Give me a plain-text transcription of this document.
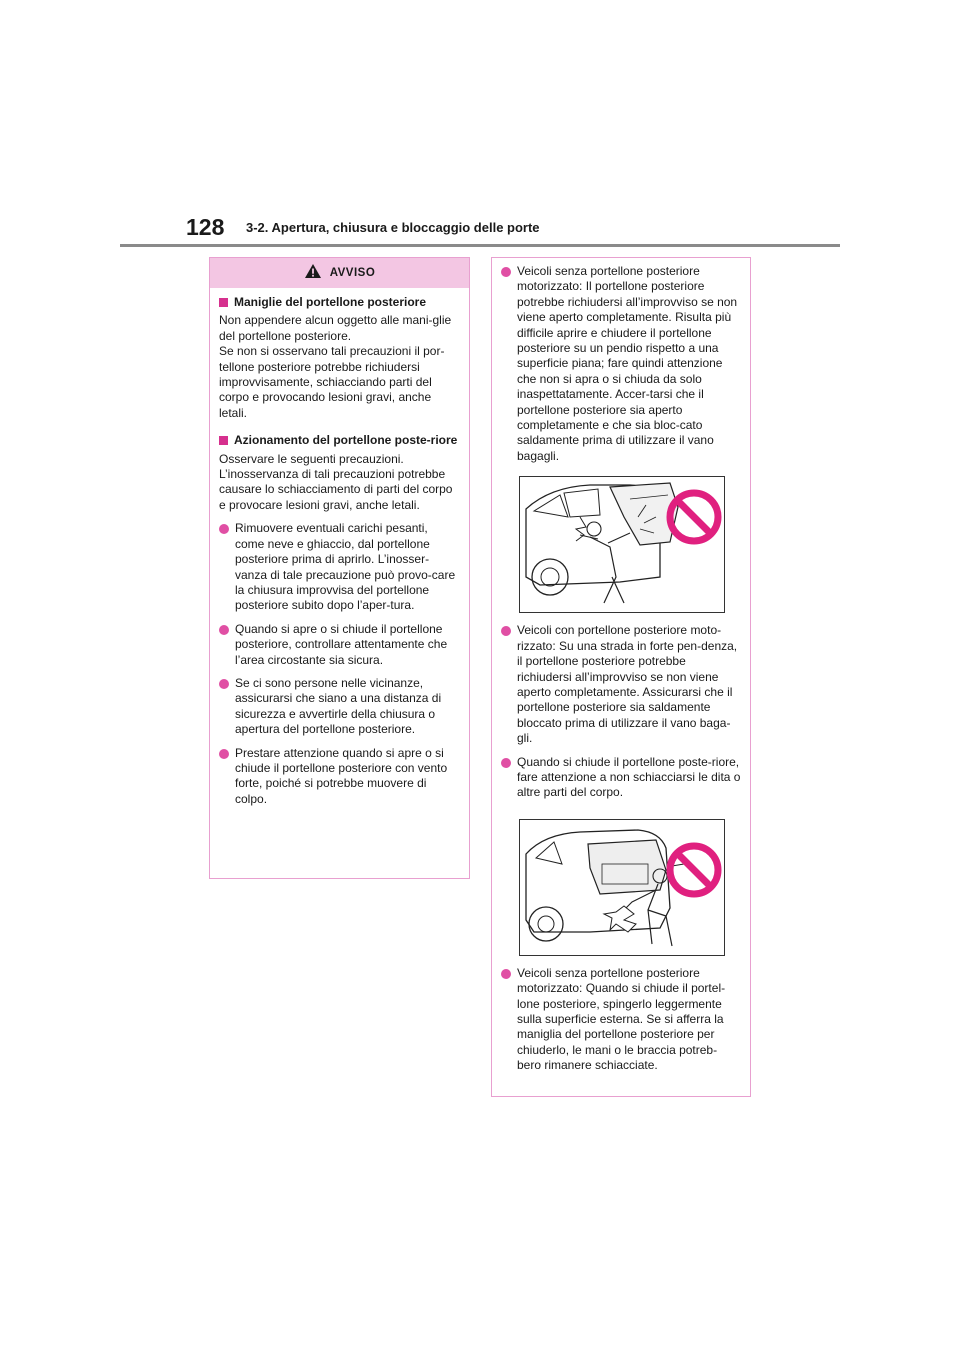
128 3-2. Apertura, chiusura e bloccaggio delle porte
AVVISO
Maniglie del portellone posteriore
Non appendere alcun oggetto alle mani-glie del portellone posteriore.
Se non si osservano tali precauzioni il por-tellone posteriore potrebbe richiudersi improvvisamente, schiacciando parti del corpo e provocando lesioni gravi, anche letali.
Azionamento del portellone poste-riore
Osservare le seguenti precauzioni. L’inosservanza di tali precauzioni potrebbe causare lo schiacciamento di parti del corpo e provocare lesioni gravi, anche letali.
Rimuovere eventuali carichi pesanti, come neve e ghiaccio, dal portellone posteriore prima di aprirlo. L’inosser-vanza di tale precauzione può provo-care la chiusura improvvisa del portellone posteriore subito dopo l’aper-tura.
Quando si apre o si chiude il portellone posteriore, controllare attentamente che l’area circostante sia sicura.
Se ci sono persone nelle vicinanze, assicurarsi che siano a una distanza di sicurezza e avvertirle della chiusura o apertura del portellone posteriore.
Prestare attenzione quando si apre o si chiude il portellone posteriore con vento forte, poiché si potrebbe muovere di colpo.
Veicoli senza portellone posteriore motorizzato: Il portellone posteriore potrebbe richiudersi all’improvviso se non viene aperto completamente. Risulta più difficile aprire e chiudere il portellone posteriore su un pendio rispetto a una superficie piana; fare quindi attenzione che non si apra o si chiuda da solo inaspettatamente. Accer-tarsi che il portellone posteriore sia aperto completamente e che sia bloc-cato saldamente prima di utilizzare il vano bagagli.
Veicoli con portellone posteriore moto-rizzato: Su una strada in forte pen-denza, il portellone posteriore potrebbe richiudersi all’improvviso se non viene aperto completamente. Assicurarsi che il portellone posteriore sia saldamente bloccato prima di utilizzare il vano baga-gli.
Quando si chiude il portellone poste-riore, fare attenzione a non schiacciarsi le dita o altre parti del corpo.
Veicoli senza portellone posteriore motorizzato: Quando si chiude il portel-lone posteriore, spingerlo leggermente sulla superficie esterna. Se si afferra la maniglia del portellone posteriore per chiuderlo, le mani o le braccia potreb-bero rimanere schiacciate.
